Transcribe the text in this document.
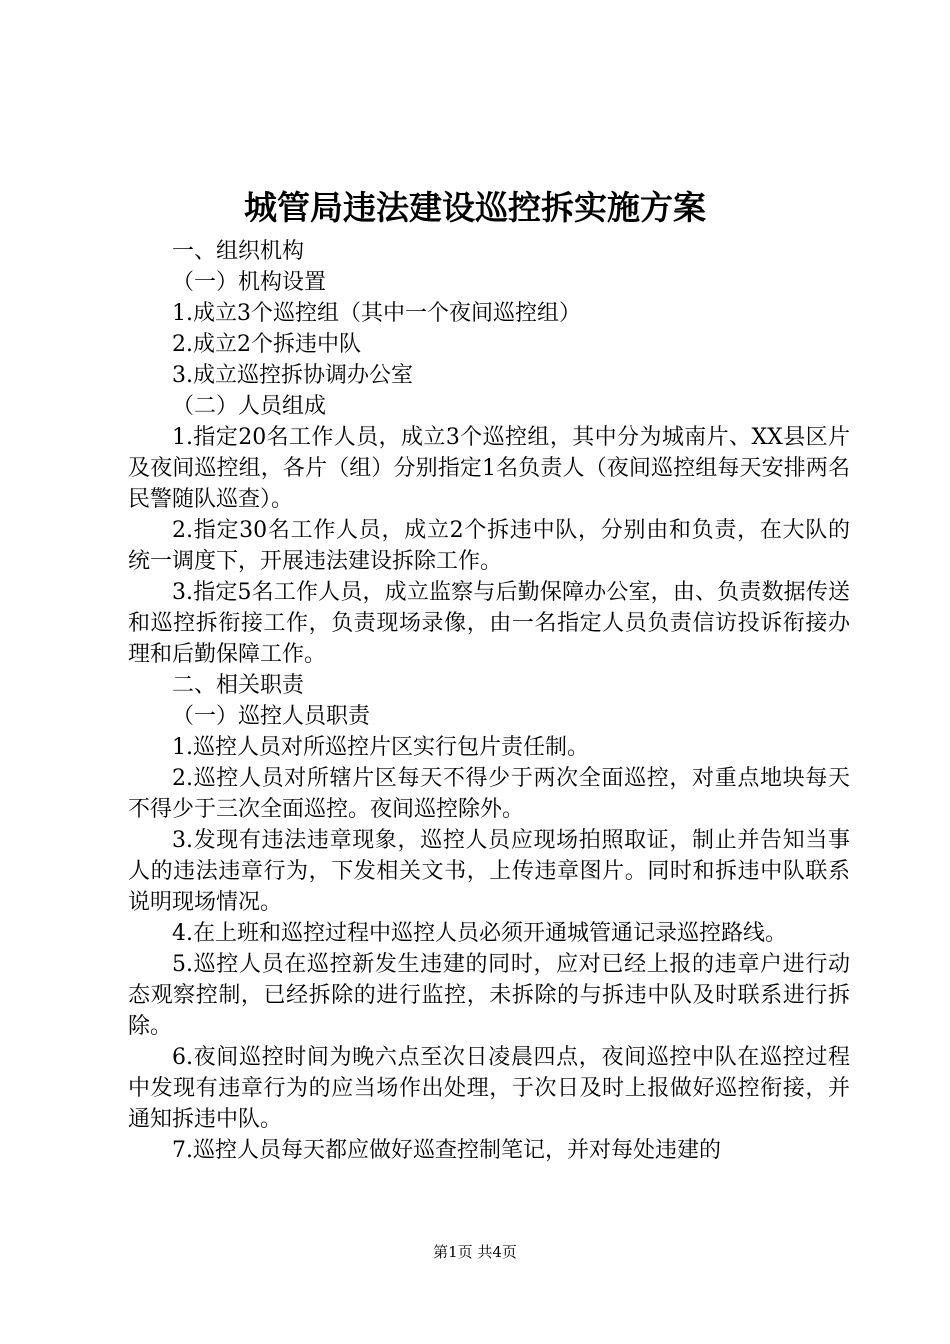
城管局违法建设巡控拆实施方案

一、组织机构

（一）机构设置

1.成立3个巡控组（其中一个夜间巡控组）

2.成立2个拆违中队

3.成立巡控拆协调办公室

（二）人员组成

1.指定20名工作人员，成立3个巡控组，其中分为城南片、XX县区片及夜间巡控组，各片（组）分别指定1名负责人（夜间巡控组每天安排两名民警随队巡查）。

2.指定30名工作人员，成立2个拆违中队，分别由和负责，在大队的统一调度下，开展违法建设拆除工作。

3.指定5名工作人员，成立监察与后勤保障办公室，由、负责数据传送和巡控拆衔接工作，负责现场录像，由一名指定人员负责信访投诉衔接办理和后勤保障工作。

二、相关职责

（一）巡控人员职责

1.巡控人员对所巡控片区实行包片责任制。

2.巡控人员对所辖片区每天不得少于两次全面巡控，对重点地块每天不得少于三次全面巡控。夜间巡控除外。

3.发现有违法违章现象，巡控人员应现场拍照取证，制止并告知当事人的违法违章行为，下发相关文书，上传违章图片。同时和拆违中队联系说明现场情况。

4.在上班和巡控过程中巡控人员必须开通城管通记录巡控路线。

5.巡控人员在巡控新发生违建的同时，应对已经上报的违章户进行动态观察控制，已经拆除的进行监控，未拆除的与拆违中队及时联系进行拆除。

6.夜间巡控时间为晚六点至次日凌晨四点，夜间巡控中队在巡控过程中发现有违章行为的应当场作出处理，于次日及时上报做好巡控衔接，并通知拆违中队。

7.巡控人员每天都应做好巡查控制笔记，并对每处违建的

第1页 共4页
